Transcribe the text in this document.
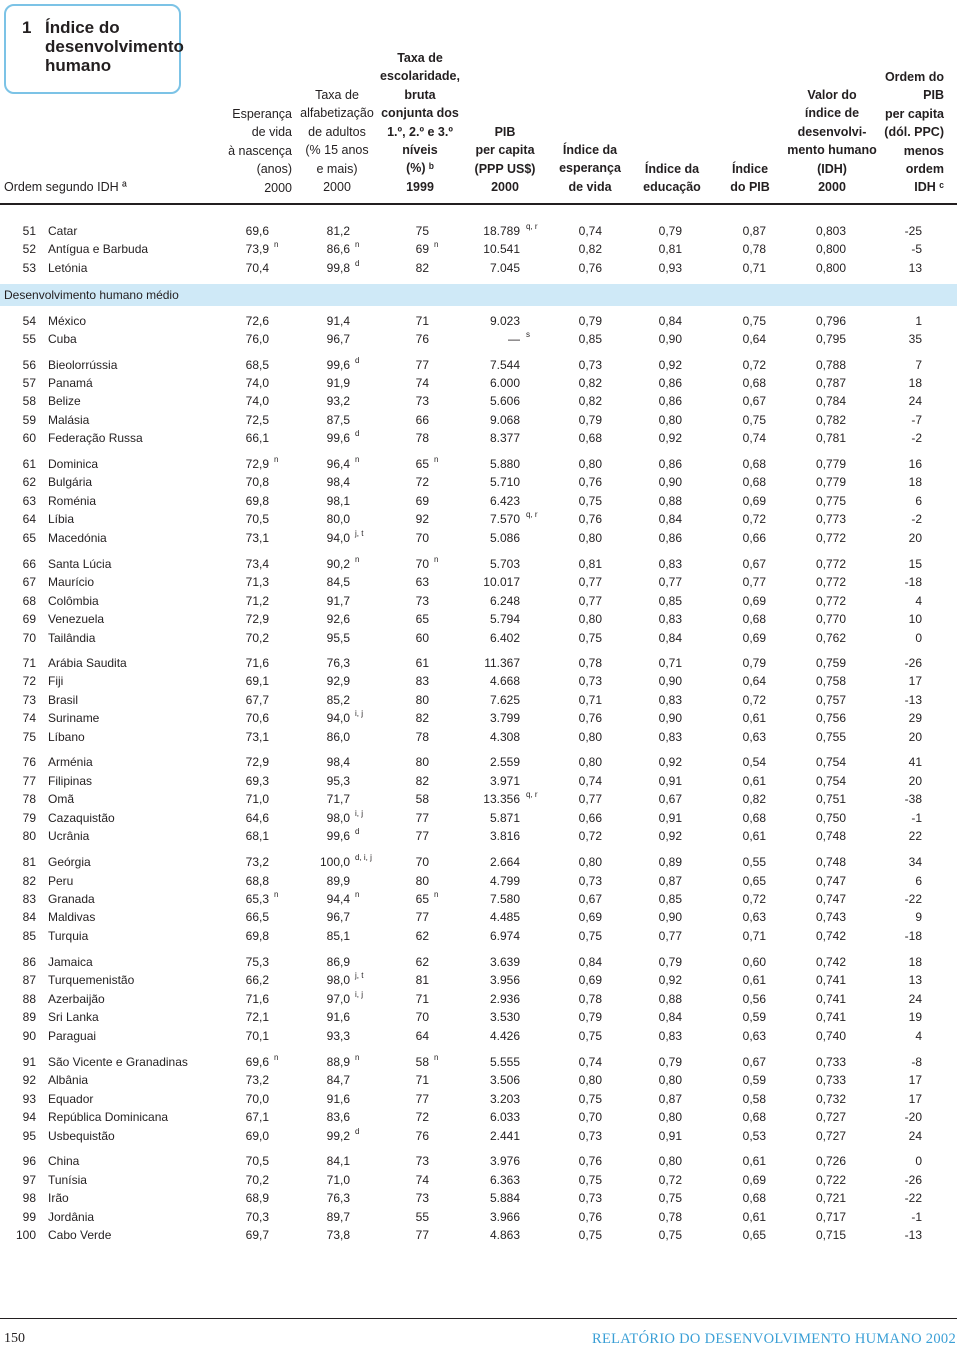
1 Índice do desenvolvimento humano
Ordem segundo IDH ª
Esperança
de vida
à nascença
(anos)
2000
Taxa de
alfabetização
de adultos
(% 15 anos
e mais)
2000
Taxa de
escolaridade,
bruta
conjunta dos
1.º, 2.º e 3.º
níveis
(%) ᵇ
1999
PIB
per capita
(PPP US$)
2000
Índice da
esperança
de vida
Índice da
educação
Índice
do PIB
Valor do
índice de
desenvolvi-
mento humano
(IDH)
2000
Ordem do
PIB
per capita
(dól. PPC)
menos
ordem
IDH ᶜ
Desenvolvimento humano médio
51 Catar	69,6	81,2	75	18.789	0,74	0,79	0,87	0,803	-25
q, r
52 Antígua e Barbuda	73,9	86,6	69	10.541	0,82	0,81	0,78	0,800	-5
n	n	n
53 Letónia	70,4	99,8	82	7.045	0,76	0,93	0,71	0,800	13
d
54 México	72,6	91,4	71	9.023	0,79	0,84	0,75	0,796	1
55 Cuba	76,0	96,7	76	—	0,85	0,90	0,64	0,795	35
s
56 Bieolorrússia	68,5	99,6	77	7.544	0,73	0,92	0,72	0,788	7
d
57 Panamá	74,0	91,9	74	6.000	0,82	0,86	0,68	0,787	18
58 Belize	74,0	93,2	73	5.606	0,82	0,86	0,67	0,784	24
59 Malásia	72,5	87,5	66	9.068	0,79	0,80	0,75	0,782	-7
60 Federação Russa	66,1	99,6	78	8.377	0,68	0,92	0,74	0,781	-2
d
61 Dominica	72,9	96,4	65	5.880	0,80	0,86	0,68	0,779	16
n	n	n
62 Bulgária	70,8	98,4	72	5.710	0,76	0,90	0,68	0,779	18
63 Roménia	69,8	98,1	69	6.423	0,75	0,88	0,69	0,775	6
64 Líbia	70,5	80,0	92	7.570	0,76	0,84	0,72	0,773	-2
q, r
65 Macedónia	73,1	94,0	70	5.086	0,80	0,86	0,66	0,772	20
j, t
66 Santa Lúcia	73,4	90,2	70	5.703	0,81	0,83	0,67	0,772	15
n	n
67 Maurício	71,3	84,5	63	10.017	0,77	0,77	0,77	0,772	-18
68 Colômbia	71,2	91,7	73	6.248	0,77	0,85	0,69	0,772	4
69 Venezuela	72,9	92,6	65	5.794	0,80	0,83	0,68	0,770	10
70 Tailândia	70,2	95,5	60	6.402	0,75	0,84	0,69	0,762	0
71 Arábia Saudita	71,6	76,3	61	11.367	0,78	0,71	0,79	0,759	-26
72 Fiji	69,1	92,9	83	4.668	0,73	0,90	0,64	0,758	17
73 Brasil	67,7	85,2	80	7.625	0,71	0,83	0,72	0,757	-13
74 Suriname	70,6	94,0	82	3.799	0,76	0,90	0,61	0,756	29
i, j
75 Líbano	73,1	86,0	78	4.308	0,80	0,83	0,63	0,755	20
76 Arménia	72,9	98,4	80	2.559	0,80	0,92	0,54	0,754	41
77 Filipinas	69,3	95,3	82	3.971	0,74	0,91	0,61	0,754	20
78 Omã	71,0	71,7	58	13.356	0,77	0,67	0,82	0,751	-38
q, r
79 Cazaquistão	64,6	98,0	77	5.871	0,66	0,91	0,68	0,750	-1
i, j
80 Ucrânia	68,1	99,6	77	3.816	0,72	0,92	0,61	0,748	22
d
81 Geórgia	73,2	100,0	70	2.664	0,80	0,89	0,55	0,748	34
d, i, j
82 Peru	68,8	89,9	80	4.799	0,73	0,87	0,65	0,747	6
83 Granada	65,3	94,4	65	7.580	0,67	0,85	0,72	0,747	-22
n	n	n
84 Maldivas	66,5	96,7	77	4.485	0,69	0,90	0,63	0,743	9
85 Turquia	69,8	85,1	62	6.974	0,75	0,77	0,71	0,742	-18
86 Jamaica	75,3	86,9	62	3.639	0,84	0,79	0,60	0,742	18
87 Turquemenistão	66,2	98,0	81	3.956	0,69	0,92	0,61	0,741	13
j, t
88 Azerbaijão	71,6	97,0	71	2.936	0,78	0,88	0,56	0,741	24
i, j
89 Sri Lanka	72,1	91,6	70	3.530	0,79	0,84	0,59	0,741	19
90 Paraguai	70,1	93,3	64	4.426	0,75	0,83	0,63	0,740	4
91 São Vicente e Granadinas	69,6	88,9	58	5.555	0,74	0,79	0,67	0,733	-8
n	n	n
92 Albânia	73,2	84,7	71	3.506	0,80	0,80	0,59	0,733	17
93 Equador	70,0	91,6	77	3.203	0,75	0,87	0,58	0,732	17
94 República Dominicana	67,1	83,6	72	6.033	0,70	0,80	0,68	0,727	-20
95 Usbequistão	69,0	99,2	76	2.441	0,73	0,91	0,53	0,727	24
d
96 China	70,5	84,1	73	3.976	0,76	0,80	0,61	0,726	0
97 Tunísia	70,2	71,0	74	6.363	0,75	0,72	0,69	0,722	-26
98 Irão	68,9	76,3	73	5.884	0,73	0,75	0,68	0,721	-22
99 Jordânia	70,3	89,7	55	3.966	0,76	0,78	0,61	0,717	-1
100 Cabo Verde	69,7	73,8	77	4.863	0,75	0,75	0,65	0,715	-13
150	RELATÓRIO DO DESENVOLVIMENTO HUMANO 2002
